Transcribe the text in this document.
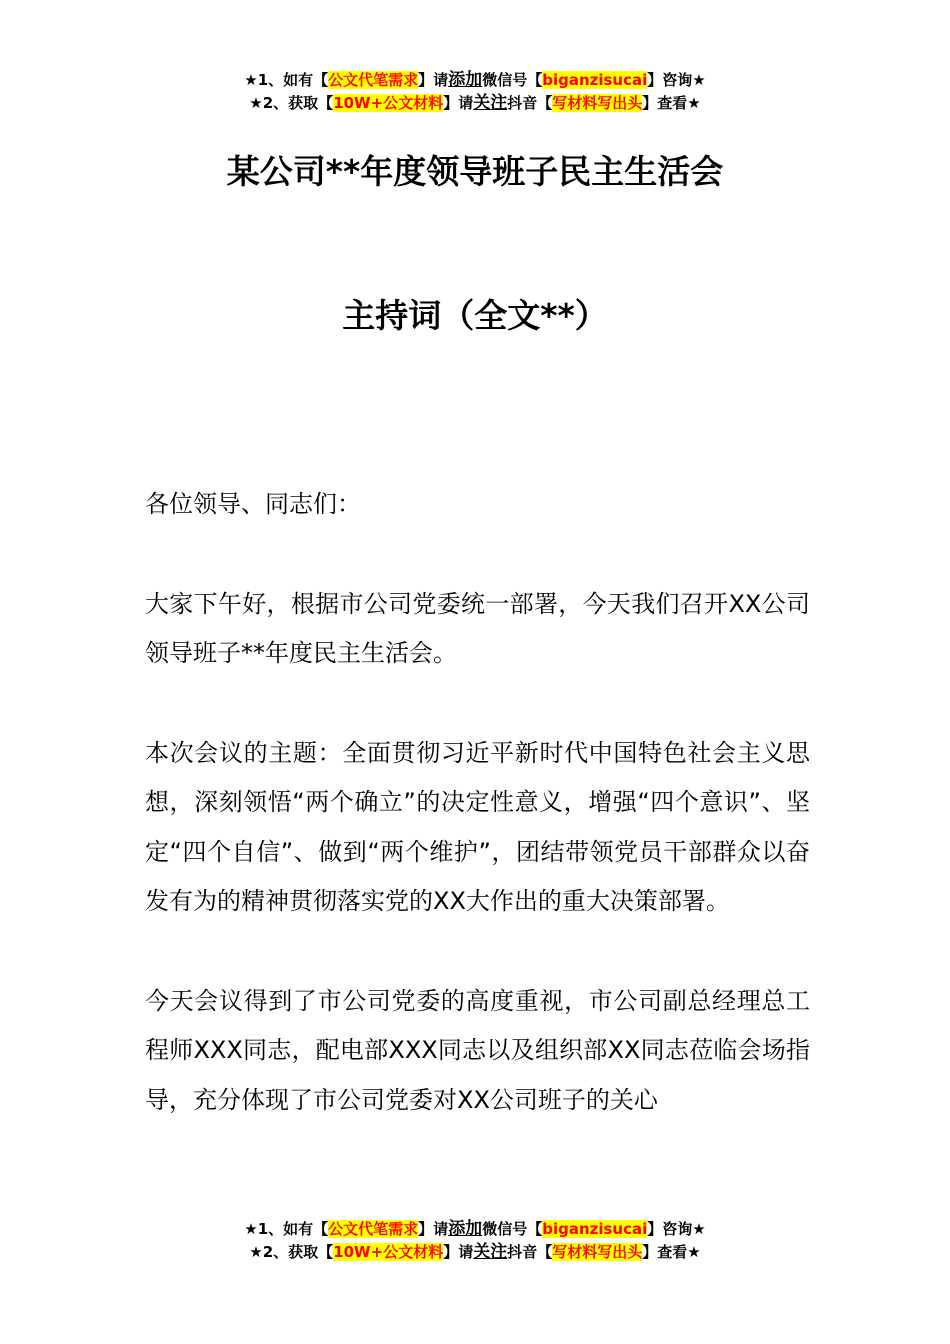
★1、如有【公文代笔需求】请添加微信号【biganzisucai】咨询★
★2、获取【10W+公文材料】请关注抖音【写材料写出头】查看★
某公司**年度领导班子民主生活会
主持词（全文**）

各位领导、同志们：

大家下午好，根据市公司党委统一部署，今天我们召开XX公司领导班子**年度民主生活会。

本次会议的主题：全面贯彻习近平新时代中国特色社会主义思想，深刻领悟“两个确立”的决定性意义，增强“四个意识”、坚定“四个自信”、做到“两个维护”，团结带领党员干部群众以奋发有为的精神贯彻落实党的XX大作出的重大决策部署。

今天会议得到了市公司党委的高度重视，市公司副总经理总工程师XXX同志，配电部XXX同志以及组织部XX同志莅临会场指导，充分体现了市公司党委对XX公司班子的关心

★1、如有【公文代笔需求】请添加微信号【biganzisucai】咨询★
★2、获取【10W+公文材料】请关注抖音【写材料写出头】查看★
